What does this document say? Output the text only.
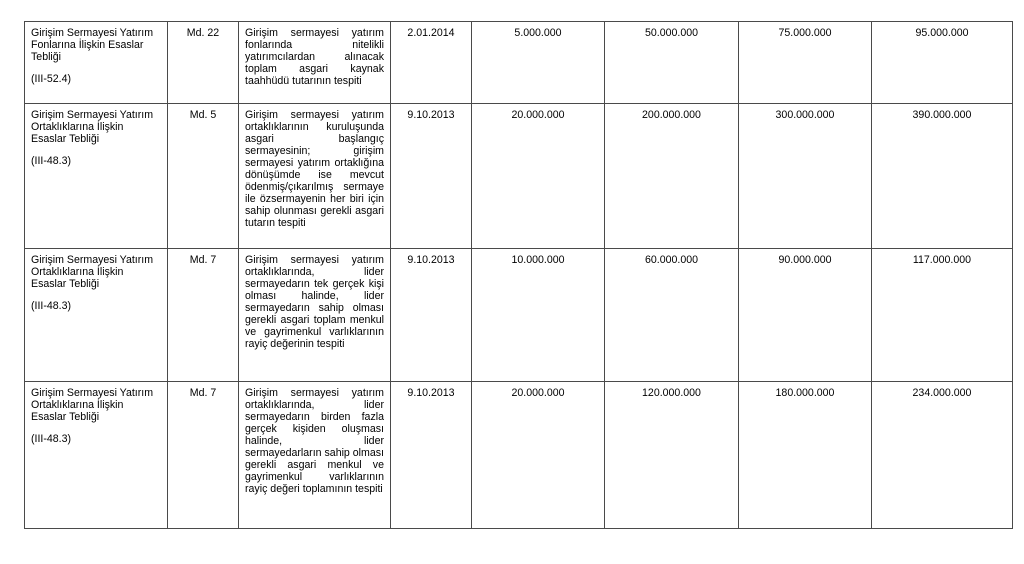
Girişim Sermayesi Yatırım Fonlarına İlişkin Esaslar Tebliği
(III-52.4)	Md. 22	Girişim sermayesi yatırım fonlarında nitelikli yatırımcılardan alınacak toplam asgari kaynak taahhüdü tutarının tespiti	2.01.2014	5.000.000	50.000.000	75.000.000	95.000.000

Girişim Sermayesi Yatırım Ortaklıklarına İlişkin Esaslar Tebliği
(III-48.3)	Md. 5	Girişim sermayesi yatırım ortaklıklarının kuruluşunda asgari başlangıç sermayesinin; girişim sermayesi yatırım ortaklığına dönüşümde ise mevcut ödenmiş/çıkarılmış sermaye ile özsermayenin her biri için sahip olunması gerekli asgari tutarın tespiti	9.10.2013	20.000.000	200.000.000	300.000.000	390.000.000

Girişim Sermayesi Yatırım Ortaklıklarına İlişkin Esaslar Tebliği
(III-48.3)	Md. 7	Girişim sermayesi yatırım ortaklıklarında, lider sermayedarın tek gerçek kişi olması halinde, lider sermayedarın sahip olması gerekli asgari toplam menkul ve gayrimenkul varlıklarının rayiç değerinin tespiti	9.10.2013	10.000.000	60.000.000	90.000.000	117.000.000

Girişim Sermayesi Yatırım Ortaklıklarına İlişkin Esaslar Tebliği
(III-48.3)	Md. 7	Girişim sermayesi yatırım ortaklıklarında, lider sermayedarın birden fazla gerçek kişiden oluşması halinde, lider sermayedarların sahip olması gerekli asgari menkul ve gayrimenkul varlıklarının rayiç değeri toplamının tespiti	9.10.2013	20.000.000	120.000.000	180.000.000	234.000.000
